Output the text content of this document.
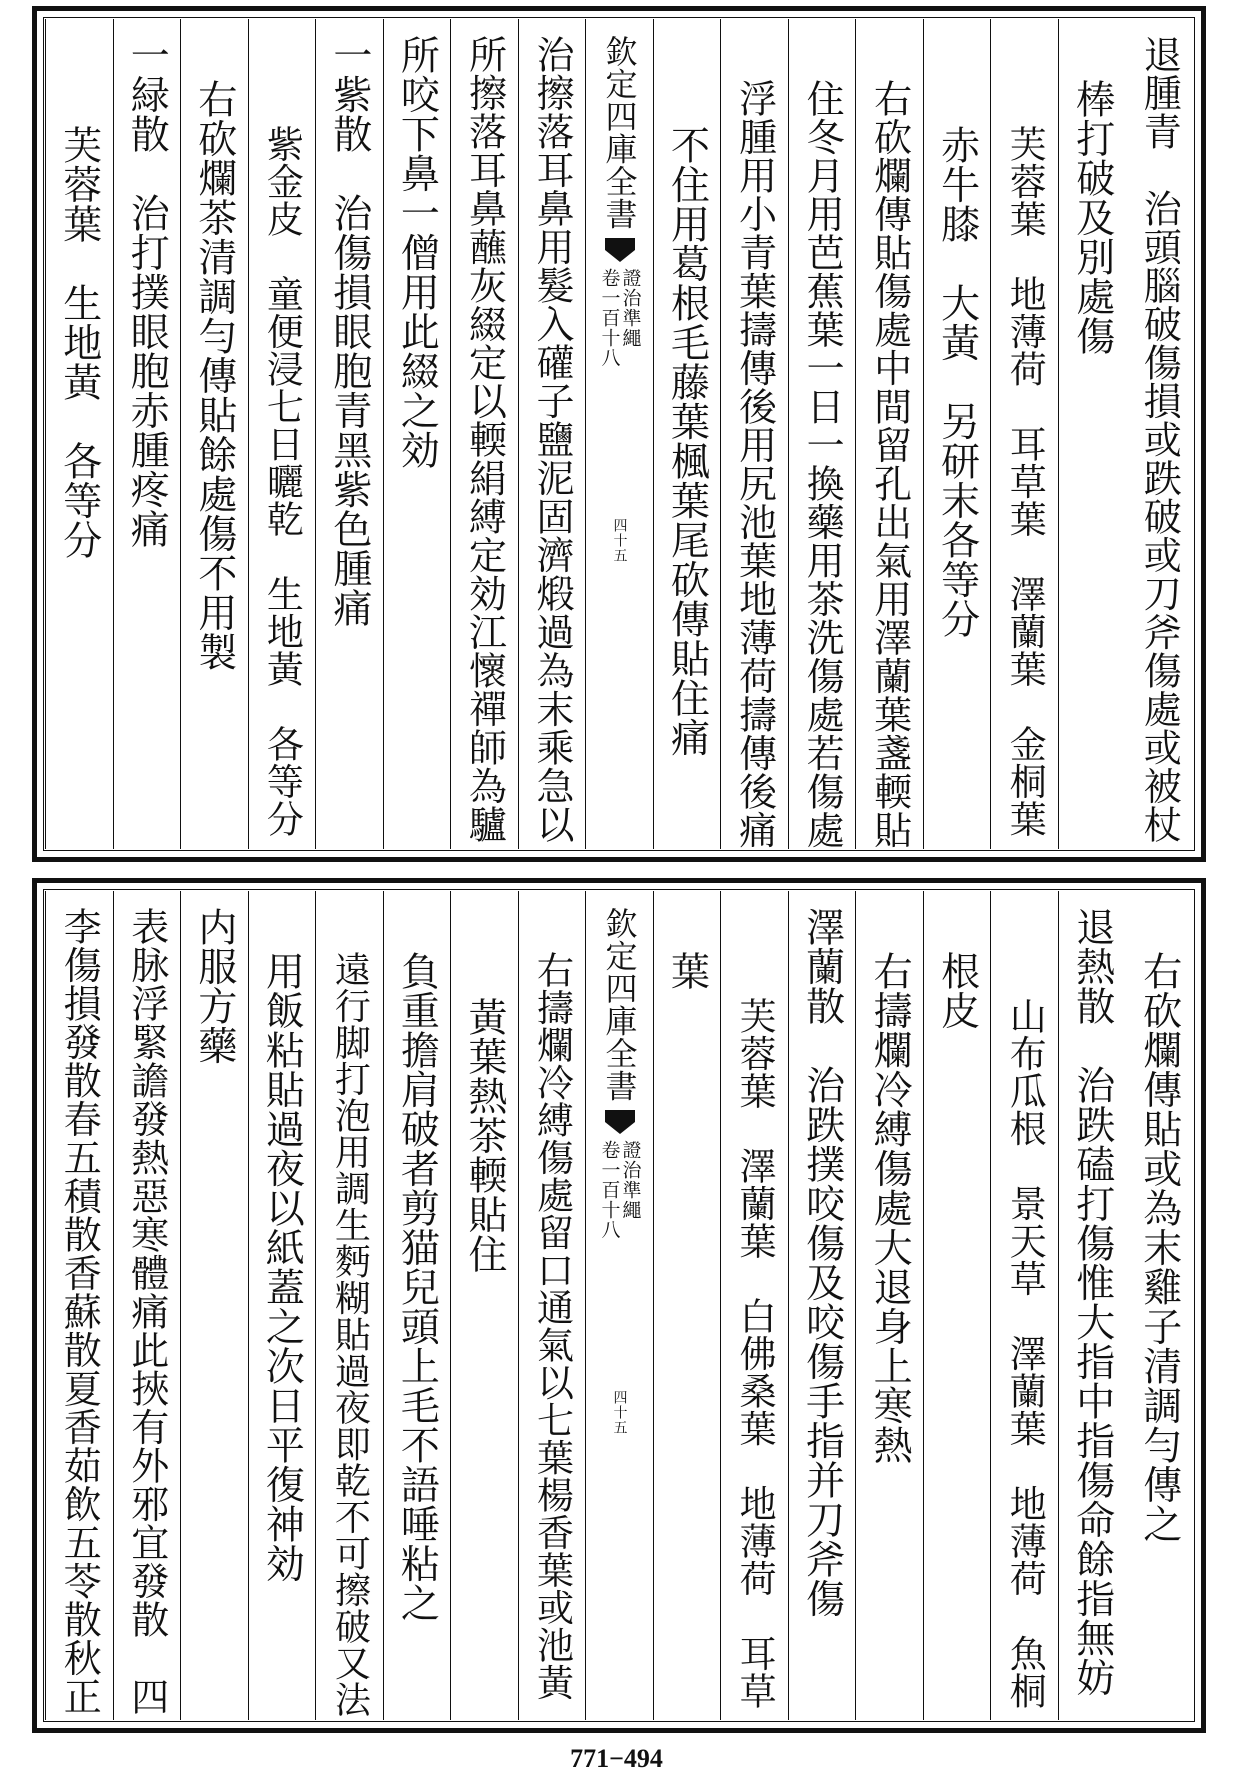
退腫青　治頭腦破傷損或跌破或刀斧傷處或被杖
棒打破及別處傷
芙蓉葉　地薄荷　耳草葉　澤蘭葉　金桐葉
赤牛膝　大黃　另研末各等分
右砍爛傳貼傷處中間留孔出氣用澤蘭葉盞輭貼
住冬月用芭蕉葉一日一換藥用茶洗傷處若傷處
浮腫用小青葉擣傳後用尻池葉地薄荷擣傳後痛
不住用葛根毛藤葉楓葉尾砍傳貼住痛
欽定四庫全書
證治準繩
卷一百十八
四十五
治擦落耳鼻用髮入礶子鹽泥固濟煅過為末乘急以
所擦落耳鼻蘸灰綴定以輭絹縛定効江懷禪師為驢
所咬下鼻一僧用此綴之効
一紫散　治傷損眼胞青黑紫色腫痛
紫金皮　童便浸七日曬乾　生地黃　各等分
右砍爛茶清調勻傳貼餘處傷不用製
一緑散　治打撲眼胞赤腫疼痛
芙蓉葉　生地黃　各等分
右砍爛傳貼或為末雞子清調勻傳之
退熱散　治跌磕打傷惟大指中指傷命餘指無妨
山布瓜根　景天草　澤蘭葉　地薄荷　魚桐
根皮
右擣爛冷縛傷處大退身上寒熱
澤蘭散　治跌撲咬傷及咬傷手指并刀斧傷
芙蓉葉　澤蘭葉　白佛桑葉　地薄荷　耳草
葉
欽定四庫全書
證治準繩
卷一百十八
四十五
右擣爛冷縛傷處留口通氣以七葉楊香葉或池黃
黃葉熱茶輭貼住
負重擔肩破者剪猫兒頭上毛不語唾粘之
遠行脚打泡用調生麪糊貼過夜即乾不可擦破又法
用飯粘貼過夜以紙蓋之次日平復神効
内服方藥
表脉浮緊譫發熱惡寒體痛此挾有外邪宜發散　四
李傷損發散春五積散香蘇散夏香茹飲五苓散秋正
771−494
